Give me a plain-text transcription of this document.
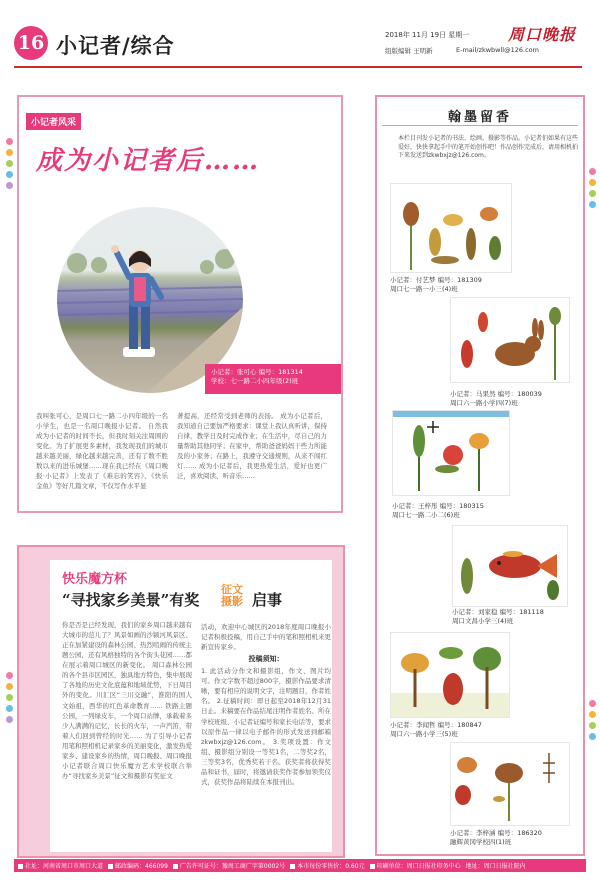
16 小记者/综合	2018年 11月 19日 星期一
组版编辑 王明新	E-mail/zkwbwll@126.com
周口晚报
小记者风采
成为小记者后……
小记者：张可心 编号：181314
学校：七一路二小四年级(2)班

我叫张可心，是周口七一路二小四年级的一名小学生，也是一名周口晚报小记者。 自然我成为小记者的时间不长，但我时刻关注周围的变化。为了扩展更多素材，我发现我们的城市越来越美丽，绿化越来越完善，还有了数不胜数以来的进乐城堡……现在我已经在《周口晚报·小记者》上发表了《难忘的笑容》、《快乐金鱼》等好几篇文章，不仅写作水平显

著提高，还经常受到老师的表扬。 成为小记者后，我知道自己要加严格要求：课堂上我认真听讲，保持自律，教学日及时完成作业；在生活中，尽自己的力量帮助其他同学；在家中，帮助爸爸妈妈干些力所能及的小家务；在路上，我遵守交通规则，从来不闯红灯…… 成为小记者后，我更热爱生活，爱好也更广泛，喜欢阅读、听音乐……

快乐魔方杯
“寻找家乡美景”有奖
征文摄影 启事

你是否是已经发现，我们的家乡周口越来越有大城市的范儿了？风景如画的沙颍河风景区、正在加紧建设的森林公园、热烈喧闹的传统主题公园，还有风格独特的各个街头花园……都在展示着周口城区的新变化。 周口森林公园的各个县市区园区，独具地方特色，集中展现了各地的历史文化底蕴和地域优势，下日周目外的变化。川汇区“三川交融”，淮阳的国人文始祖，西华的红色革命教育…… 铁路主题公园，一列绿皮车，一个周口站牌，承载着多少人满满的记忆，长长的火车，一声汽笛，带着人们回到曾经的时光…… 为了引导小记者用笔和照相机记录家乡的美丽变化，激发热爱家乡、建设家乡的热情，周口晚报、周口晚报小记者联合周口快乐魔方艺术学校联合举办“寻找家乡美景”征文和摄影有奖征文

活动，欢迎中心城区的2018年度周口晚报小记者积极投稿，用自己手中的笔和照相机来更新宣传家乡。

投稿须知：

1. 此活动分作文和摄影组，作文、图片均可。作文字数不超过800字，摄影作品要求清晰，要有相应的说明文字，注明题目，作者姓名。 2.征稿时间：即日起至2018年12月31日止。来稿要在作品结尾注明作者姓名、所在学校班级、小记者证编号和家长电话等，要求以原作品一律以电子邮件的形式发送到邮箱zkwbxjz@126.com。 3.奖项设置：作文组、摄影组分别设一等奖1名，二等奖2名，三等奖3名，优秀奖若干名。获奖者将获得奖品和证书，届时，将邀请获奖作者参加领奖仪式，获奖作品将陆续在本报刊出。

翰墨留香
本栏目刊发小记者的书法、绘画、摄影等作品。小记者们如果有这些爱好，快快拿起手中的笔开始创作吧！作品创作完成后，请用相机拍下来发送到zkwbxjz@126.com。
小记者：付艺梦 编号：181309
周口七一路一小三(4)班
小记者：马果然 编号：180039
周口六一路小学四(7)班
小记者：王梓彤 编号：180315
周口七一路二小二(6)班
小记者：刘家稳 编号：181118
周口文昌小学三(4)班
小记者：李闻哲 编号：180847
周口六一路小学三(5)班
小记者：李梓涵 编号：186320
融辉黄冈学校四(1)班
社址：河南省周口市周口大道	邮政编码：466099	广告许可证号：豫周工商广字第0002号	本市每份零售价：0.60元	印刷单位：周口日报社印务中心 地址：周口日报社院内
